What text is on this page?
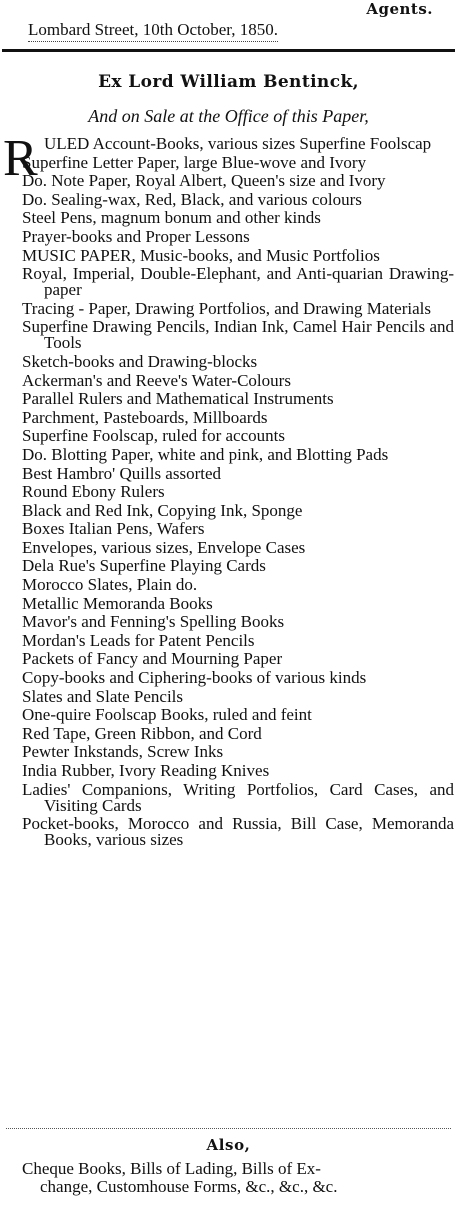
Agents.
Lombard Street, 10th October, 1850.
Ex Lord William Bentinck,
And on Sale at the Office of this Paper,

R ULED Account-Books, various sizes Superfine Foolscap

Superfine Letter Paper, large Blue-wove and Ivory

Do. Note Paper, Royal Albert, Queen's size and Ivory

Do. Sealing-wax, Red, Black, and various colours

Steel Pens, magnum bonum and other kinds

Prayer-books and Proper Lessons

MUSIC PAPER, Music-books, and Music Portfolios

Royal, Imperial, Double-Elephant, and Anti-quarian Drawing-paper

Tracing - Paper, Drawing Portfolios, and Drawing Materials

Superfine Drawing Pencils, Indian Ink, Camel Hair Pencils and Tools

Sketch-books and Drawing-blocks

Ackerman's and Reeve's Water-Colours

Parallel Rulers and Mathematical Instruments

Parchment, Pasteboards, Millboards

Superfine Foolscap, ruled for accounts

Do. Blotting Paper, white and pink, and Blotting Pads

Best Hambro' Quills assorted

Round Ebony Rulers

Black and Red Ink, Copying Ink, Sponge

Boxes Italian Pens, Wafers

Envelopes, various sizes, Envelope Cases

Dela Rue's Superfine Playing Cards

Morocco Slates, Plain do.

Metallic Memoranda Books

Mavor's and Fenning's Spelling Books

Mordan's Leads for Patent Pencils

Packets of Fancy and Mourning Paper

Copy-books and Ciphering-books of various kinds

Slates and Slate Pencils

One-quire Foolscap Books, ruled and feint

Red Tape, Green Ribbon, and Cord

Pewter Inkstands, Screw Inks

India Rubber, Ivory Reading Knives

Ladies' Companions, Writing Portfolios, Card Cases, and Visiting Cards

Pocket-books, Morocco and Russia, Bill Case, Memoranda Books, various sizes

Also,
Cheque Books, Bills of Lading, Bills of Ex-
change, Customhouse Forms, &c., &c., &c.
